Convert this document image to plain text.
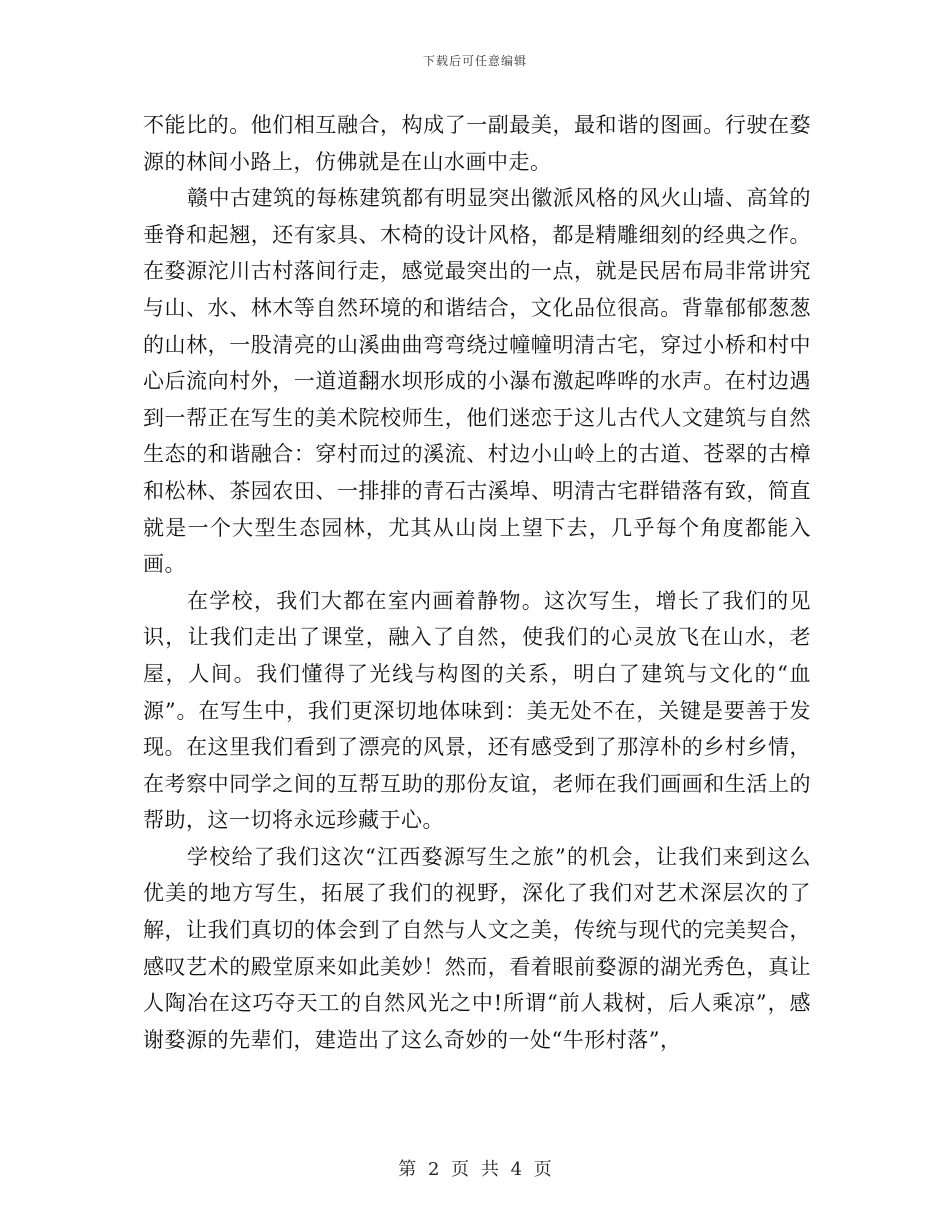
下载后可任意编辑

不能比的。他们相互融合，构成了一副最美，最和谐的图画。行驶在婺源的林间小路上，仿佛就是在山水画中走。

赣中古建筑的每栋建筑都有明显突出徽派风格的风火山墙、高耸的垂脊和起翘，还有家具、木椅的设计风格，都是精雕细刻的经典之作。在婺源沱川古村落间行走，感觉最突出的一点，就是民居布局非常讲究与山、水、林木等自然环境的和谐结合，文化品位很高。背靠郁郁葱葱的山林，一股清亮的山溪曲曲弯弯绕过幢幢明清古宅，穿过小桥和村中心后流向村外，一道道翻水坝形成的小瀑布激起哗哗的水声。在村边遇到一帮正在写生的美术院校师生，他们迷恋于这儿古代人文建筑与自然生态的和谐融合：穿村而过的溪流、村边小山岭上的古道、苍翠的古樟和松林、茶园农田、一排排的青石古溪埠、明清古宅群错落有致，简直就是一个大型生态园林，尤其从山岗上望下去，几乎每个角度都能入画。

在学校，我们大都在室内画着静物。这次写生，增长了我们的见识，让我们走出了课堂，融入了自然，使我们的心灵放飞在山水，老屋，人间。我们懂得了光线与构图的关系，明白了建筑与文化的“血源”。在写生中，我们更深切地体味到：美无处不在，关键是要善于发现。在这里我们看到了漂亮的风景，还有感受到了那淳朴的乡村乡情，在考察中同学之间的互帮互助的那份友谊，老师在我们画画和生活上的帮助，这一切将永远珍藏于心。

学校给了我们这次“江西婺源写生之旅”的机会，让我们来到这么优美的地方写生，拓展了我们的视野，深化了我们对艺术深层次的了解，让我们真切的体会到了自然与人文之美，传统与现代的完美契合，感叹艺术的殿堂原来如此美妙！然而，看着眼前婺源的湖光秀色，真让人陶冶在这巧夺天工的自然风光之中!所谓“前人栽树，后人乘凉”，感谢婺源的先辈们，建造出了这么奇妙的一处“牛形村落”，

第 2 页 共 4 页
